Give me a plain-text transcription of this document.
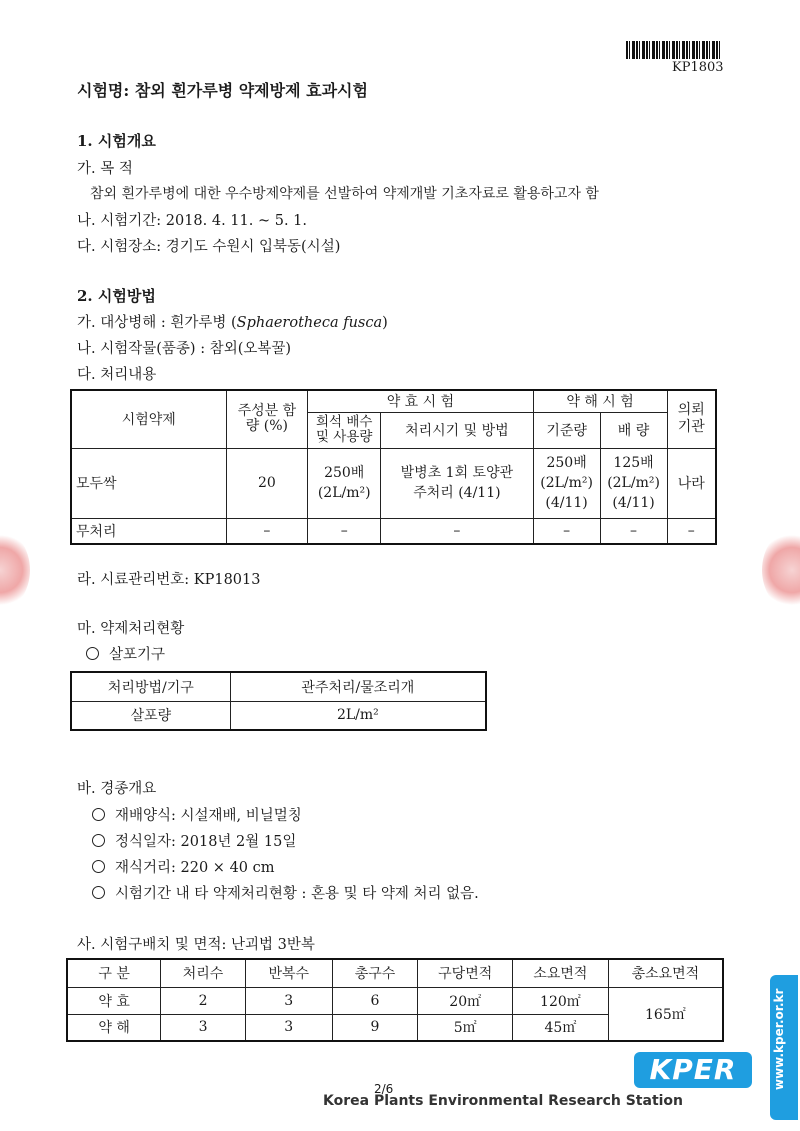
KP1803
시험명: 참외 흰가루병 약제방제 효과시험
1. 시험개요
가. 목 적
참외 흰가루병에 대한 우수방제약제를 선발하여 약제개발 기초자료로 활용하고자 함
나. 시험기간: 2018. 4. 11. ~ 5. 1.
다. 시험장소: 경기도 수원시 입북동(시설)
2. 시험방법
가. 대상병해 : 흰가루병 (Sphaerotheca fusca)
나. 시험작물(품종) : 참외(오복꿀)
다. 처리내용
시험약제	주성분 함량 (%)	약 효 시 험		약 해 시 험		의뢰 기관
		희석 배수 및 사용량	처리시기 및 방법	기준량	배 량	
모두싹	20	250배 (2L/m²)	발병초 1회 토양관주처리 (4/11)	250배 (2L/m²) (4/11)	125배 (2L/m²) (4/11)	나라
무처리	–	–	–	–	–	–
라. 시료관리번호: KP18013
마. 약제처리현황
살포기구
처리방법/기구	관주처리/물조리개
살포량	2L/m²
바. 경종개요
재배양식: 시설재배, 비닐멀칭
정식일자: 2018년 2월 15일
재식거리: 220 × 40 cm
시험기간 내 타 약제처리현황 : 혼용 및 타 약제 처리 없음.
사. 시험구배치 및 면적: 난괴법 3반복
구 분	처리수	반복수	총구수	구당면적	소요면적	총소요면적
약 효	2	3	6	20㎡	120㎡	165㎡
약 해	3	3	9	5㎡	45㎡	
2/6
Korea Plants Environmental Research Station
KPER	www.kper.or.kr
